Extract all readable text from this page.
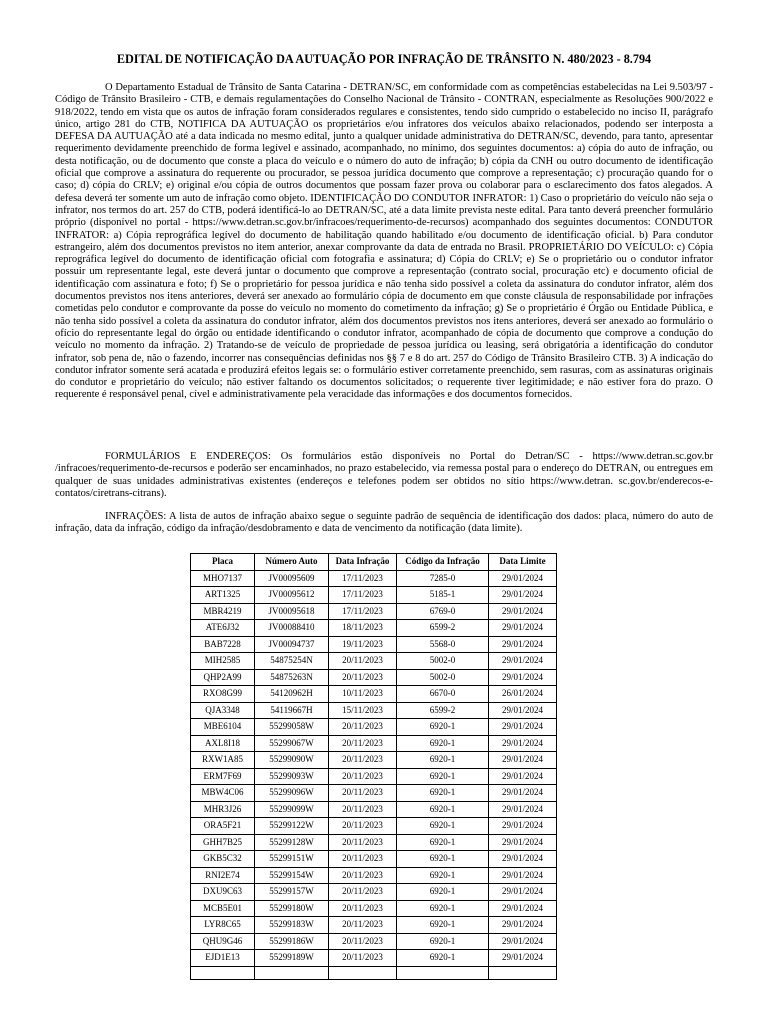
EDITAL DE NOTIFICAÇÃO DA AUTUAÇÃO POR INFRAÇÃO DE TRÂNSITO N. 480/2023 - 8.794

O Departamento Estadual de Trânsito de Santa Catarina - DETRAN/SC, em conformidade com as competências estabelecidas na Lei 9.503/97 - Código de Trânsito Brasileiro - CTB, e demais regulamentações do Conselho Nacional de Trânsito - CONTRAN, especialmente as Resoluções 900/2022 e 918/2022, tendo em vista que os autos de infração foram considerados regulares e consistentes, tendo sido cumprido o estabelecido no inciso II, parágrafo único, artigo 281 do CTB, NOTIFICA DA AUTUAÇÃO os proprietários e/ou infratores dos veículos abaixo relacionados, podendo ser interposta a DEFESA DA AUTUAÇÃO até a data indicada no mesmo edital, junto a qualquer unidade administrativa do DETRAN/SC, devendo, para tanto, apresentar requerimento devidamente preenchido de forma legível e assinado, acompanhado, no mínimo, dos seguintes documentos: a) cópia do auto de infração, ou desta notificação, ou de documento que conste a placa do veículo e o número do auto de infração; b) cópia da CNH ou outro documento de identificação oficial que comprove a assinatura do requerente ou procurador, se pessoa jurídica documento que comprove a representação; c) procuração quando for o caso; d) cópia do CRLV; e) original e/ou cópia de outros documentos que possam fazer prova ou colaborar para o esclarecimento dos fatos alegados. A defesa deverá ter somente um auto de infração como objeto. IDENTIFICAÇÃO DO CONDUTOR INFRATOR: 1) Caso o proprietário do veículo não seja o infrator, nos termos do art. 257 do CTB, poderá identificá-lo ao DETRAN/SC, até a data limite prevista neste edital. Para tanto deverá preencher formulário próprio (disponível no portal - https://www.detran.sc.gov.br/infracoes/requerimento-de-recursos) acompanhado dos seguintes documentos: CONDUTOR INFRATOR: a) Cópia reprográfica legível do documento de habilitação quando habilitado e/ou documento de identificação oficial. b) Para condutor estrangeiro, além dos documentos previstos no item anterior, anexar comprovante da data de entrada no Brasil. PROPRIETÁRIO DO VEÍCULO: c) Cópia reprográfica legível do documento de identificação oficial com fotografia e assinatura; d) Cópia do CRLV; e) Se o proprietário ou o condutor infrator possuir um representante legal, este deverá juntar o documento que comprove a representação (contrato social, procuração etc) e documento oficial de identificação com assinatura e foto; f) Se o proprietário for pessoa jurídica e não tenha sido possível a coleta da assinatura do condutor infrator, além dos documentos previstos nos itens anteriores, deverá ser anexado ao formulário cópia de documento em que conste cláusula de responsabilidade por infrações cometidas pelo condutor e comprovante da posse do veículo no momento do cometimento da infração; g) Se o proprietário é Órgão ou Entidade Pública, e não tenha sido possível a coleta da assinatura do condutor infrator, além dos documentos previstos nos itens anteriores, deverá ser anexado ao formulário o ofício do representante legal do órgão ou entidade identificando o condutor infrator, acompanhado de cópia de documento que comprove a condução do veículo no momento da infração. 2) Tratando-se de veículo de propriedade de pessoa jurídica ou leasing, será obrigatória a identificação do condutor infrator, sob pena de, não o fazendo, incorrer nas consequências definidas nos §§ 7 e 8 do art. 257 do Código de Trânsito Brasileiro CTB. 3) A indicação do condutor infrator somente será acatada e produzirá efeitos legais se: o formulário estiver corretamente preenchido, sem rasuras, com as assinaturas originais do condutor e proprietário do veículo; não estiver faltando os documentos solicitados; o requerente tiver legitimidade; e não estiver fora do prazo. O requerente é responsável penal, cível e administrativamente pela veracidade das informações e dos documentos fornecidos.

FORMULÁRIOS E ENDEREÇOS: Os formulários estão disponíveis no Portal do Detran/SC - https://www.detran.sc.gov.br /infracoes/requerimento-de-recursos e poderão ser encaminhados, no prazo estabelecido, via remessa postal para o endereço do DETRAN, ou entregues em qualquer de suas unidades administrativas existentes (endereços e telefones podem ser obtidos no sítio https://www.detran. sc.gov.br/enderecos-e-contatos/ciretrans-citrans).

INFRAÇÕES: A lista de autos de infração abaixo segue o seguinte padrão de sequência de identificação dos dados: placa, número do auto de infração, data da infração, código da infração/desdobramento e data de vencimento da notificação (data limite).

Placa	Número Auto	Data Infração	Código da Infração	Data Limite
MHO7137	JV00095609	17/11/2023	7285-0	29/01/2024
ART1325	JV00095612	17/11/2023	5185-1	29/01/2024
MBR4219	JV00095618	17/11/2023	6769-0	29/01/2024
ATE6J32	JV00088410	18/11/2023	6599-2	29/01/2024
BAB7228	JV00094737	19/11/2023	5568-0	29/01/2024
MIH2585	54875254N	20/11/2023	5002-0	29/01/2024
QHP2A99	54875263N	20/11/2023	5002-0	29/01/2024
RXO8G99	54120962H	10/11/2023	6670-0	26/01/2024
QJA3348	54119667H	15/11/2023	6599-2	29/01/2024
MBE6104	55299058W	20/11/2023	6920-1	29/01/2024
AXL8I18	55299067W	20/11/2023	6920-1	29/01/2024
RXW1A85	55299090W	20/11/2023	6920-1	29/01/2024
ERM7F69	55299093W	20/11/2023	6920-1	29/01/2024
MBW4C06	55299096W	20/11/2023	6920-1	29/01/2024
MHR3J26	55299099W	20/11/2023	6920-1	29/01/2024
ORA5F21	55299122W	20/11/2023	6920-1	29/01/2024
GHH7B25	55299128W	20/11/2023	6920-1	29/01/2024
GKB5C32	55299151W	20/11/2023	6920-1	29/01/2024
RNI2E74	55299154W	20/11/2023	6920-1	29/01/2024
DXU9C63	55299157W	20/11/2023	6920-1	29/01/2024
MCB5E01	55299180W	20/11/2023	6920-1	29/01/2024
LYR8C65	55299183W	20/11/2023	6920-1	29/01/2024
QHU9G46	55299186W	20/11/2023	6920-1	29/01/2024
EJD1E13	55299189W	20/11/2023	6920-1	29/01/2024
